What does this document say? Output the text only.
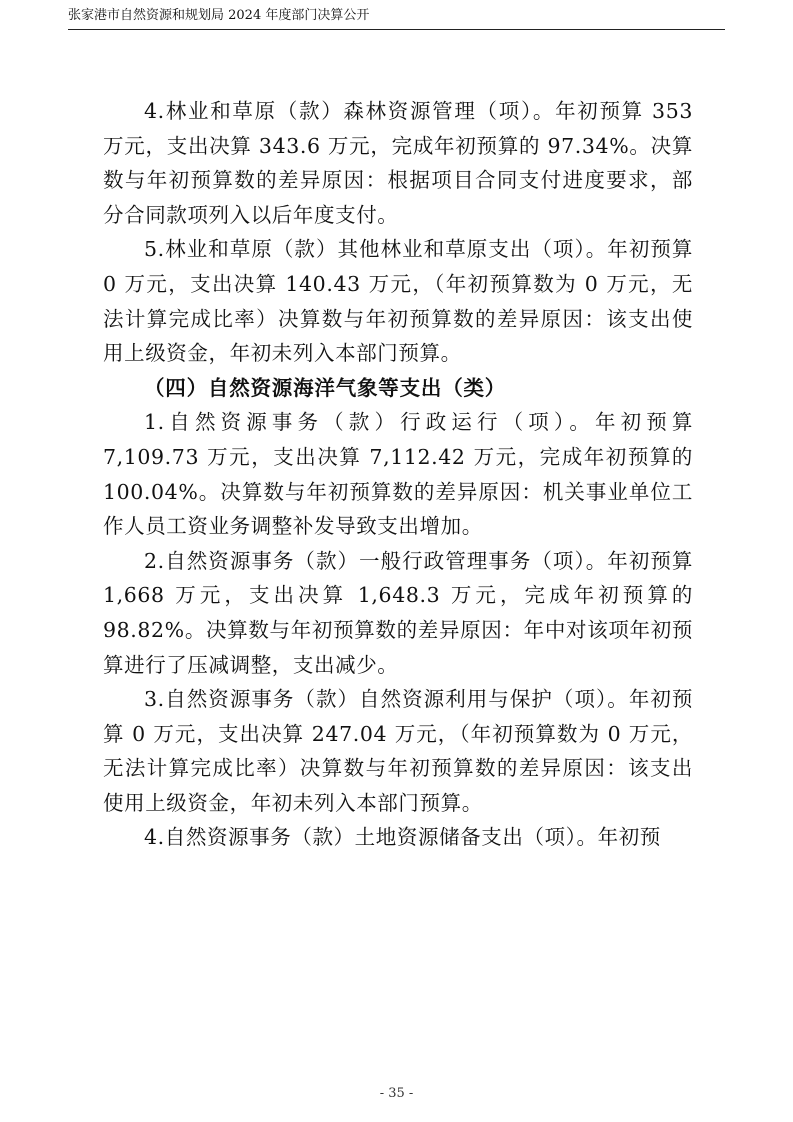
张家港市自然资源和规划局 2024 年度部门决算公开

4.林业和草原（款）森林资源管理（项）。年初预算 353 万元，支出决算 343.6 万元，完成年初预算的 97.34%。决算数与年初预算数的差异原因：根据项目合同支付进度要求，部分合同款项列入以后年度支付。

5.林业和草原（款）其他林业和草原支出（项）。年初预算 0 万元，支出决算 140.43 万元，（年初预算数为 0 万元，无法计算完成比率）决算数与年初预算数的差异原因：该支出使用上级资金，年初未列入本部门预算。

（四）自然资源海洋气象等支出（类）

1.自然资源事务（款）行政运行（项）。年初预算 7,109.73 万元，支出决算 7,112.42 万元，完成年初预算的 100.04%。决算数与年初预算数的差异原因：机关事业单位工作人员工资业务调整补发导致支出增加。

2.自然资源事务（款）一般行政管理事务（项）。年初预算 1,668 万元，支出决算 1,648.3 万元，完成年初预算的 98.82%。决算数与年初预算数的差异原因：年中对该项年初预算进行了压减调整，支出减少。

3.自然资源事务（款）自然资源利用与保护（项）。年初预算 0 万元，支出决算 247.04 万元，（年初预算数为 0 万元，无法计算完成比率）决算数与年初预算数的差异原因：该支出使用上级资金，年初未列入本部门预算。

4.自然资源事务（款）土地资源储备支出（项）。年初预

- 35 -
